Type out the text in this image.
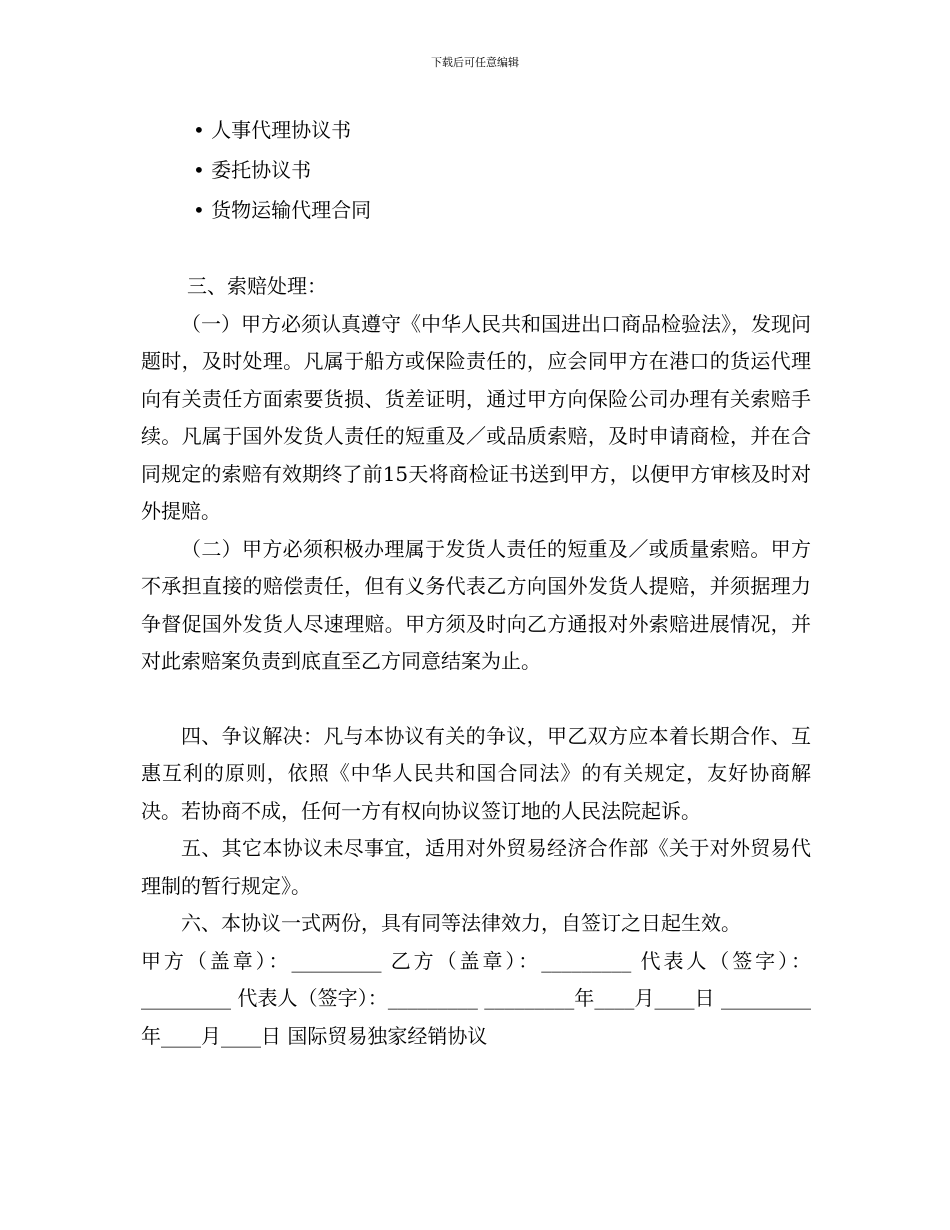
下载后可任意编辑
• 人事代理协议书
• 委托协议书
• 货物运输代理合同

三、索赔处理：

（一）甲方必须认真遵守《中华人民共和国进出口商品检验法》，发现问题时，及时处理。凡属于船方或保险责任的，应会同甲方在港口的货运代理向有关责任方面索要货损、货差证明，通过甲方向保险公司办理有关索赔手续。凡属于国外发货人责任的短重及／或品质索赔，及时申请商检，并在合同规定的索赔有效期终了前15天将商检证书送到甲方，以便甲方审核及时对外提赔。

（二）甲方必须积极办理属于发货人责任的短重及／或质量索赔。甲方不承担直接的赔偿责任，但有义务代表乙方向国外发货人提赔，并须据理力争督促国外发货人尽速理赔。甲方须及时向乙方通报对外索赔进展情况，并对此索赔案负责到底直至乙方同意结案为止。

四、争议解决：凡与本协议有关的争议，甲乙双方应本着长期合作、互惠互利的原则，依照《中华人民共和国合同法》的有关规定，友好协商解决。若协商不成，任何一方有权向协议签订地的人民法院起诉。

五、其它本协议未尽事宜，适用对外贸易经济合作部《关于对外贸易代理制的暂行规定》。

六、本协议一式两份，具有同等法律效力，自签订之日起生效。

甲方（盖章）：_________ 乙方（盖章）：_________ 代表人（签字）：_________ 代表人（签字）：_________ _________年____月____日 _________年____月____日 国际贸易独家经销协议
